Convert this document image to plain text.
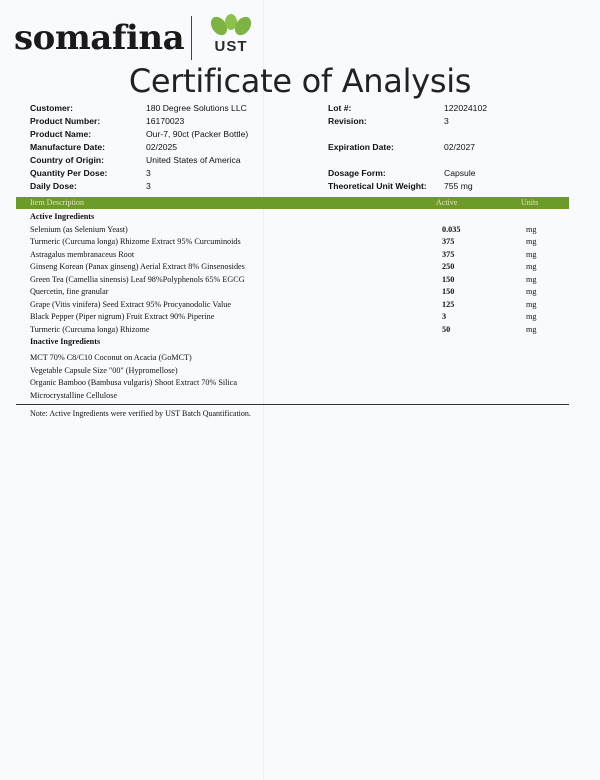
somafina	UST
Certificate of Analysis
Customer:	180 Degree Solutions LLC
Product Number:	16170023
Product Name:	Our-7, 90ct (Packer Bottle)
Manufacture Date:	02/2025
Country of Origin:	United States of America
Quantity Per Dose:	3
Daily Dose:	3
Lot #:	122024102
Revision:	3
Expiration Date:	02/2027
Dosage Form:	Capsule
Theoretical Unit Weight: 755 mg
Item Description	Active	Units
Active Ingredients
Selenium (as Selenium Yeast)	0.035	mg
Turmeric (Curcuma longa) Rhizome Extract 95% Curcuminoids	375	mg
Astragalus membranaceus Root	375	mg
Ginseng Korean (Panax ginseng) Aerial Extract 8% Ginsenosides	250	mg
Green Tea (Camellia sinensis) Leaf 98%Polyphenols 65% EGCG	150	mg
Quercetin, fine granular	150	mg
Grape (Vitis vinifera) Seed Extract 95% Procyanodolic Value	125	mg
Black Pepper (Piper nigrum) Fruit Extract 90% Piperine	3	mg
Turmeric (Curcuma longa) Rhizome	50	mg
Inactive Ingredients
MCT 70% C8/C10 Coconut on Acacia (GoMCT)
Vegetable Capsule Size "00" (Hypromellose)
Organic Bamboo (Bambusa vulgaris) Shoot Extract 70% Silica
Microcrystalline Cellulose
Note: Active Ingredients were verified by UST Batch Quantification.
